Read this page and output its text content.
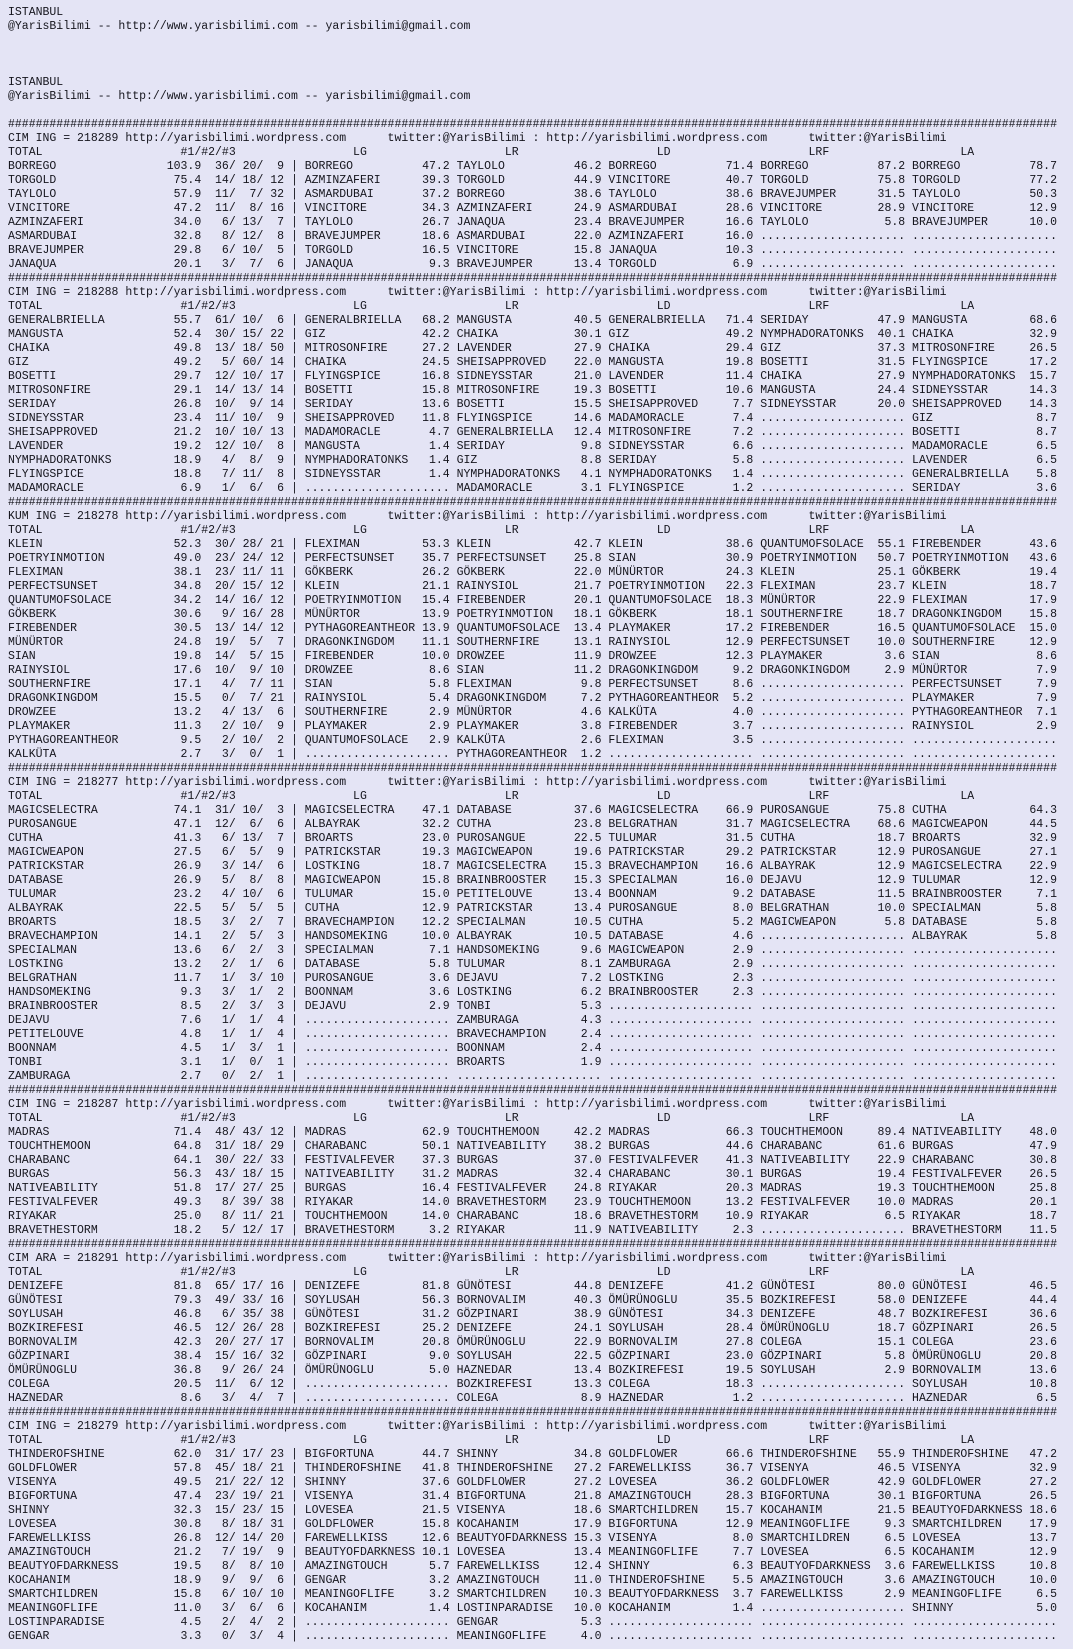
ISTANBUL
@YarisBilimi -- http://www.yarisbilimi.com -- yarisbilimi@gmail.com
ISTANBUL
@YarisBilimi -- http://www.yarisbilimi.com -- yarisbilimi@gmail.com
########################################################################################################################################################
CIM ING = 218289 http://yarisbilimi.wordpress.com      twitter:@YarisBilimi : http://yarisbilimi.wordpress.com      twitter:@YarisBilimi
TOTAL                    #1/#2/#3                 LG                    LR                    LD                    LRF                   LA
BORREGO                103.9  36/ 20/  9 | BORREGO          47.2 TAYLOLO          46.2 BORREGO          71.4 BORREGO          87.2 BORREGO          78.7
TORGOLD                 75.4  14/ 18/ 12 | AZMINZAFERI      39.3 TORGOLD          44.9 VINCITORE        40.7 TORGOLD          75.8 TORGOLD          77.2
TAYLOLO                 57.9  11/  7/ 32 | ASMARDUBAI       37.2 BORREGO          38.6 TAYLOLO          38.6 BRAVEJUMPER      31.5 TAYLOLO          50.3
VINCITORE               47.2  11/  8/ 16 | VINCITORE        34.3 AZMINZAFERI      24.9 ASMARDUBAI       28.6 VINCITORE        28.9 VINCITORE        12.9
AZMINZAFERI             34.0   6/ 13/  7 | TAYLOLO          26.7 JANAQUA          23.4 BRAVEJUMPER      16.6 TAYLOLO           5.8 BRAVEJUMPER      10.0
ASMARDUBAI              32.8   8/ 12/  8 | BRAVEJUMPER      18.6 ASMARDUBAI       22.0 AZMINZAFERI      16.0 ..................... .....................
BRAVEJUMPER             29.8   6/ 10/  5 | TORGOLD          16.5 VINCITORE        15.8 JANAQUA          10.3 ..................... .....................
JANAQUA                 20.1   3/  7/  6 | JANAQUA           9.3 BRAVEJUMPER      13.4 TORGOLD           6.9 ..................... .....................
########################################################################################################################################################
CIM ING = 218288 http://yarisbilimi.wordpress.com      twitter:@YarisBilimi : http://yarisbilimi.wordpress.com      twitter:@YarisBilimi
TOTAL                    #1/#2/#3                 LG                    LR                    LD                    LRF                   LA
GENERALBRIELLA          55.7  61/ 10/  6 | GENERALBRIELLA   68.2 MANGUSTA         40.5 GENERALBRIELLA   71.4 SERIDAY          47.9 MANGUSTA         68.6
MANGUSTA                52.4  30/ 15/ 22 | GIZ              42.2 CHAIKA           30.1 GIZ              49.2 NYMPHADORATONKS  40.1 CHAIKA           32.9
CHAIKA                  49.8  13/ 18/ 50 | MITROSONFIRE     27.2 LAVENDER         27.9 CHAIKA           29.4 GIZ              37.3 MITROSONFIRE     26.5
GIZ                     49.2   5/ 60/ 14 | CHAIKA           24.5 SHEISAPPROVED    22.0 MANGUSTA         19.8 BOSETTI          31.5 FLYINGSPICE      17.2
BOSETTI                 29.7  12/ 10/ 17 | FLYINGSPICE      16.8 SIDNEYSSTAR      21.0 LAVENDER         11.4 CHAIKA           27.9 NYMPHADORATONKS  15.7
MITROSONFIRE            29.1  14/ 13/ 14 | BOSETTI          15.8 MITROSONFIRE     19.3 BOSETTI          10.6 MANGUSTA         24.4 SIDNEYSSTAR      14.3
SERIDAY                 26.8  10/  9/ 14 | SERIDAY          13.6 BOSETTI          15.5 SHEISAPPROVED     7.7 SIDNEYSSTAR      20.0 SHEISAPPROVED    14.3
SIDNEYSSTAR             23.4  11/ 10/  9 | SHEISAPPROVED    11.8 FLYINGSPICE      14.6 MADAMORACLE       7.4 ..................... GIZ               8.7
SHEISAPPROVED           21.2  10/ 10/ 13 | MADAMORACLE       4.7 GENERALBRIELLA   12.4 MITROSONFIRE      7.2 ..................... BOSETTI           8.7
LAVENDER                19.2  12/ 10/  8 | MANGUSTA          1.4 SERIDAY           9.8 SIDNEYSSTAR       6.6 ..................... MADAMORACLE       6.5
NYMPHADORATONKS         18.9   4/  8/  9 | NYMPHADORATONKS   1.4 GIZ               8.8 SERIDAY           5.8 ..................... LAVENDER          6.5
FLYINGSPICE             18.8   7/ 11/  8 | SIDNEYSSTAR       1.4 NYMPHADORATONKS   4.1 NYMPHADORATONKS   1.4 ..................... GENERALBRIELLA    5.8
MADAMORACLE              6.9   1/  6/  6 | ..................... MADAMORACLE       3.1 FLYINGSPICE       1.2 ..................... SERIDAY           3.6
########################################################################################################################################################
KUM ING = 218278 http://yarisbilimi.wordpress.com      twitter:@YarisBilimi : http://yarisbilimi.wordpress.com      twitter:@YarisBilimi
TOTAL                    #1/#2/#3                 LG                    LR                    LD                    LRF                   LA
KLEIN                   52.3  30/ 28/ 21 | FLEXIMAN         53.3 KLEIN            42.7 KLEIN            38.6 QUANTUMOFSOLACE  55.1 FIREBENDER       43.6
POETRYINMOTION          49.0  23/ 24/ 12 | PERFECTSUNSET    35.7 PERFECTSUNSET    25.8 SIAN             30.9 POETRYINMOTION   50.7 POETRYINMOTION   43.6
FLEXIMAN                38.1  23/ 11/ 11 | GÖKBERK          26.2 GÖKBERK          22.0 MÜNÜRTOR         24.3 KLEIN            25.1 GÖKBERK          19.4
PERFECTSUNSET           34.8  20/ 15/ 12 | KLEIN            21.1 RAINYSIOL        21.7 POETRYINMOTION   22.3 FLEXIMAN         23.7 KLEIN            18.7
QUANTUMOFSOLACE         34.2  14/ 16/ 12 | POETRYINMOTION   15.4 FIREBENDER       20.1 QUANTUMOFSOLACE  18.3 MÜNÜRTOR         22.9 FLEXIMAN         17.9
GÖKBERK                 30.6   9/ 16/ 28 | MÜNÜRTOR         13.9 POETRYINMOTION   18.1 GÖKBERK          18.1 SOUTHERNFIRE     18.7 DRAGONKINGDOM    15.8
FIREBENDER              30.5  13/ 14/ 12 | PYTHAGOREANTHEOR 13.9 QUANTUMOFSOLACE  13.4 PLAYMAKER        17.2 FIREBENDER       16.5 QUANTUMOFSOLACE  15.0
MÜNÜRTOR                24.8  19/  5/  7 | DRAGONKINGDOM    11.1 SOUTHERNFIRE     13.1 RAINYSIOL        12.9 PERFECTSUNSET    10.0 SOUTHERNFIRE     12.9
SIAN                    19.8  14/  5/ 15 | FIREBENDER       10.0 DROWZEE          11.9 DROWZEE          12.3 PLAYMAKER         3.6 SIAN              8.6
RAINYSIOL               17.6  10/  9/ 10 | DROWZEE           8.6 SIAN             11.2 DRAGONKINGDOM     9.2 DRAGONKINGDOM     2.9 MÜNÜRTOR          7.9
SOUTHERNFIRE            17.1   4/  7/ 11 | SIAN              5.8 FLEXIMAN          9.8 PERFECTSUNSET     8.6 ..................... PERFECTSUNSET     7.9
DRAGONKINGDOM           15.5   0/  7/ 21 | RAINYSIOL         5.4 DRAGONKINGDOM     7.2 PYTHAGOREANTHEOR  5.2 ..................... PLAYMAKER         7.9
DROWZEE                 13.2   4/ 13/  6 | SOUTHERNFIRE      2.9 MÜNÜRTOR          4.6 KALKÜTA           4.0 ..................... PYTHAGOREANTHEOR  7.1
PLAYMAKER               11.3   2/ 10/  9 | PLAYMAKER         2.9 PLAYMAKER         3.8 FIREBENDER        3.7 ..................... RAINYSIOL         2.9
PYTHAGOREANTHEOR         9.5   2/ 10/  2 | QUANTUMOFSOLACE   2.9 KALKÜTA           2.6 FLEXIMAN          3.5 ..................... .....................
KALKÜTA                  2.7   3/  0/  1 | ..................... PYTHAGOREANTHEOR  1.2 ..................... ..................... .....................
########################################################################################################################################################
CIM ING = 218277 http://yarisbilimi.wordpress.com      twitter:@YarisBilimi : http://yarisbilimi.wordpress.com      twitter:@YarisBilimi
TOTAL                    #1/#2/#3                 LG                    LR                    LD                    LRF                   LA
MAGICSELECTRA           74.1  31/ 10/  3 | MAGICSELECTRA    47.1 DATABASE         37.6 MAGICSELECTRA    66.9 PUROSANGUE       75.8 CUTHA            64.3
PUROSANGUE              47.1  12/  6/  6 | ALBAYRAK         32.2 CUTHA            23.8 BELGRATHAN       31.7 MAGICSELECTRA    68.6 MAGICWEAPON      44.5
CUTHA                   41.3   6/ 13/  7 | BROARTS          23.0 PUROSANGUE       22.5 TULUMAR          31.5 CUTHA            18.7 BROARTS          32.9
MAGICWEAPON             27.5   6/  5/  9 | PATRICKSTAR      19.3 MAGICWEAPON      19.6 PATRICKSTAR      29.2 PATRICKSTAR      12.9 PUROSANGUE       27.1
PATRICKSTAR             26.9   3/ 14/  6 | LOSTKING         18.7 MAGICSELECTRA    15.3 BRAVECHAMPION    16.6 ALBAYRAK         12.9 MAGICSELECTRA    22.9
DATABASE                26.9   5/  8/  8 | MAGICWEAPON      15.8 BRAINBROOSTER    15.3 SPECIALMAN       16.0 DEJAVU           12.9 TULUMAR          12.9
TULUMAR                 23.2   4/ 10/  6 | TULUMAR          15.0 PETITELOUVE      13.4 BOONNAM           9.2 DATABASE         11.5 BRAINBROOSTER     7.1
ALBAYRAK                22.5   5/  5/  5 | CUTHA            12.9 PATRICKSTAR      13.4 PUROSANGUE        8.0 BELGRATHAN       10.0 SPECIALMAN        5.8
BROARTS                 18.5   3/  2/  7 | BRAVECHAMPION    12.2 SPECIALMAN       10.5 CUTHA             5.2 MAGICWEAPON       5.8 DATABASE          5.8
BRAVECHAMPION           14.1   2/  5/  3 | HANDSOMEKING     10.0 ALBAYRAK         10.5 DATABASE          4.6 ..................... ALBAYRAK          5.8
SPECIALMAN              13.6   6/  2/  3 | SPECIALMAN        7.1 HANDSOMEKING      9.6 MAGICWEAPON       2.9 ..................... .....................
LOSTKING                13.2   2/  1/  6 | DATABASE          5.8 TULUMAR           8.1 ZAMBURAGA         2.9 ..................... .....................
BELGRATHAN              11.7   1/  3/ 10 | PUROSANGUE        3.6 DEJAVU            7.2 LOSTKING          2.3 ..................... .....................
HANDSOMEKING             9.3   3/  1/  2 | BOONNAM           3.6 LOSTKING          6.2 BRAINBROOSTER     2.3 ..................... .....................
BRAINBROOSTER            8.5   2/  3/  3 | DEJAVU            2.9 TONBI             5.3 ..................... ..................... .....................
DEJAVU                   7.6   1/  1/  4 | ..................... ZAMBURAGA         4.3 ..................... ..................... .....................
PETITELOUVE              4.8   1/  1/  4 | ..................... BRAVECHAMPION     2.4 ..................... ..................... .....................
BOONNAM                  4.5   1/  3/  1 | ..................... BOONNAM           2.4 ..................... ..................... .....................
TONBI                    3.1   1/  0/  1 | ..................... BROARTS           1.9 ..................... ..................... .....................
ZAMBURAGA                2.7   0/  2/  1 | ..................... ..................... ..................... ..................... .....................
########################################################################################################################################################
CIM ING = 218287 http://yarisbilimi.wordpress.com      twitter:@YarisBilimi : http://yarisbilimi.wordpress.com      twitter:@YarisBilimi
TOTAL                    #1/#2/#3                 LG                    LR                    LD                    LRF                   LA
MADRAS                  71.4  48/ 43/ 12 | MADRAS           62.9 TOUCHTHEMOON     42.2 MADRAS           66.3 TOUCHTHEMOON     89.4 NATIVEABILITY    48.0
TOUCHTHEMOON            64.8  31/ 18/ 29 | CHARABANC        50.1 NATIVEABILITY    38.2 BURGAS           44.6 CHARABANC        61.6 BURGAS           47.9
CHARABANC               64.1  30/ 22/ 33 | FESTIVALFEVER    37.3 BURGAS           37.0 FESTIVALFEVER    41.3 NATIVEABILITY    22.9 CHARABANC        30.8
BURGAS                  56.3  43/ 18/ 15 | NATIVEABILITY    31.2 MADRAS           32.4 CHARABANC        30.1 BURGAS           19.4 FESTIVALFEVER    26.5
NATIVEABILITY           51.8  17/ 27/ 25 | BURGAS           16.4 FESTIVALFEVER    24.8 RIYAKAR          20.3 MADRAS           19.3 TOUCHTHEMOON     25.8
FESTIVALFEVER           49.3   8/ 39/ 38 | RIYAKAR          14.0 BRAVETHESTORM    23.9 TOUCHTHEMOON     13.2 FESTIVALFEVER    10.0 MADRAS           20.1
RIYAKAR                 25.0   8/ 11/ 21 | TOUCHTHEMOON     14.0 CHARABANC        18.6 BRAVETHESTORM    10.9 RIYAKAR           6.5 RIYAKAR          18.7
BRAVETHESTORM           18.2   5/ 12/ 17 | BRAVETHESTORM     3.2 RIYAKAR          11.9 NATIVEABILITY     2.3 ..................... BRAVETHESTORM    11.5
########################################################################################################################################################
CIM ARA = 218291 http://yarisbilimi.wordpress.com      twitter:@YarisBilimi : http://yarisbilimi.wordpress.com      twitter:@YarisBilimi
TOTAL                    #1/#2/#3                 LG                    LR                    LD                    LRF                   LA
DENIZEFE                81.8  65/ 17/ 16 | DENIZEFE         81.8 GÜNÖTESI         44.8 DENIZEFE         41.2 GÜNÖTESI         80.0 GÜNÖTESI         46.5
GÜNÖTESI                79.3  49/ 33/ 16 | SOYLUSAH         56.3 BORNOVALIM       40.3 ÖMÜRÜNOGLU       35.5 BOZKIREFESI      58.0 DENIZEFE         44.4
SOYLUSAH                46.8   6/ 35/ 38 | GÜNÖTESI         31.2 GÖZPINARI        38.9 GÜNÖTESI         34.3 DENIZEFE         48.7 BOZKIREFESI      36.6
BOZKIREFESI             46.5  12/ 26/ 28 | BOZKIREFESI      25.2 DENIZEFE         24.1 SOYLUSAH         28.4 ÖMÜRÜNOGLU       18.7 GÖZPINARI        26.5
BORNOVALIM              42.3  20/ 27/ 17 | BORNOVALIM       20.8 ÖMÜRÜNOGLU       22.9 BORNOVALIM       27.8 COLEGA           15.1 COLEGA           23.6
GÖZPINARI               38.4  15/ 16/ 32 | GÖZPINARI         9.0 SOYLUSAH         22.5 GÖZPINARI        23.0 GÖZPINARI         5.8 ÖMÜRÜNOGLU       20.8
ÖMÜRÜNOGLU              36.8   9/ 26/ 24 | ÖMÜRÜNOGLU        5.0 HAZNEDAR         13.4 BOZKIREFESI      19.5 SOYLUSAH          2.9 BORNOVALIM       13.6
COLEGA                  20.5  11/  6/ 12 | ..................... BOZKIREFESI      13.3 COLEGA           18.3 ..................... SOYLUSAH         10.8
HAZNEDAR                 8.6   3/  4/  7 | ..................... COLEGA            8.9 HAZNEDAR          1.2 ..................... HAZNEDAR          6.5
########################################################################################################################################################
CIM ING = 218279 http://yarisbilimi.wordpress.com      twitter:@YarisBilimi : http://yarisbilimi.wordpress.com      twitter:@YarisBilimi
TOTAL                    #1/#2/#3                 LG                    LR                    LD                    LRF                   LA
THINDEROFSHINE          62.0  31/ 17/ 23 | BIGFORTUNA       44.7 SHINNY           34.8 GOLDFLOWER       66.6 THINDEROFSHINE   55.9 THINDEROFSHINE   47.2
GOLDFLOWER              57.8  45/ 18/ 21 | THINDEROFSHINE   41.8 THINDEROFSHINE   27.2 FAREWELLKISS     36.7 VISENYA          46.5 VISENYA          32.9
VISENYA                 49.5  21/ 22/ 12 | SHINNY           37.6 GOLDFLOWER       27.2 LOVESEA          36.2 GOLDFLOWER       42.9 GOLDFLOWER       27.2
BIGFORTUNA              47.4  23/ 19/ 21 | VISENYA          31.4 BIGFORTUNA       21.8 AMAZINGTOUCH     28.3 BIGFORTUNA       30.1 BIGFORTUNA       26.5
SHINNY                  32.3  15/ 23/ 15 | LOVESEA          21.5 VISENYA          18.6 SMARTCHILDREN    15.7 KOCAHANIM        21.5 BEAUTYOFDARKNESS 18.6
LOVESEA                 30.8   8/ 18/ 31 | GOLDFLOWER       15.8 KOCAHANIM        17.9 BIGFORTUNA       12.9 MEANINGOFLIFE     9.3 SMARTCHILDREN    17.9
FAREWELLKISS            26.8  12/ 14/ 20 | FAREWELLKISS     12.6 BEAUTYOFDARKNESS 15.3 VISENYA           8.0 SMARTCHILDREN     6.5 LOVESEA          13.7
AMAZINGTOUCH            21.2   7/ 19/  9 | BEAUTYOFDARKNESS 10.1 LOVESEA          13.4 MEANINGOFLIFE     7.7 LOVESEA           6.5 KOCAHANIM        12.9
BEAUTYOFDARKNESS        19.5   8/  8/ 10 | AMAZINGTOUCH      5.7 FAREWELLKISS     12.4 SHINNY            6.3 BEAUTYOFDARKNESS  3.6 FAREWELLKISS     10.8
KOCAHANIM               18.9   9/  9/  6 | GENGAR            3.2 AMAZINGTOUCH     11.0 THINDEROFSHINE    5.5 AMAZINGTOUCH      3.6 AMAZINGTOUCH     10.0
SMARTCHILDREN           15.8   6/ 10/ 10 | MEANINGOFLIFE     3.2 SMARTCHILDREN    10.3 BEAUTYOFDARKNESS  3.7 FAREWELLKISS      2.9 MEANINGOFLIFE     6.5
MEANINGOFLIFE           11.0   3/  6/  6 | KOCAHANIM         1.4 LOSTINPARADISE   10.0 KOCAHANIM         1.4 ..................... SHINNY            5.0
LOSTINPARADISE           4.5   2/  4/  2 | ..................... GENGAR            5.3 ..................... ..................... .....................
GENGAR                   3.3   0/  3/  4 | ..................... MEANINGOFLIFE     4.0 ..................... ..................... .....................
